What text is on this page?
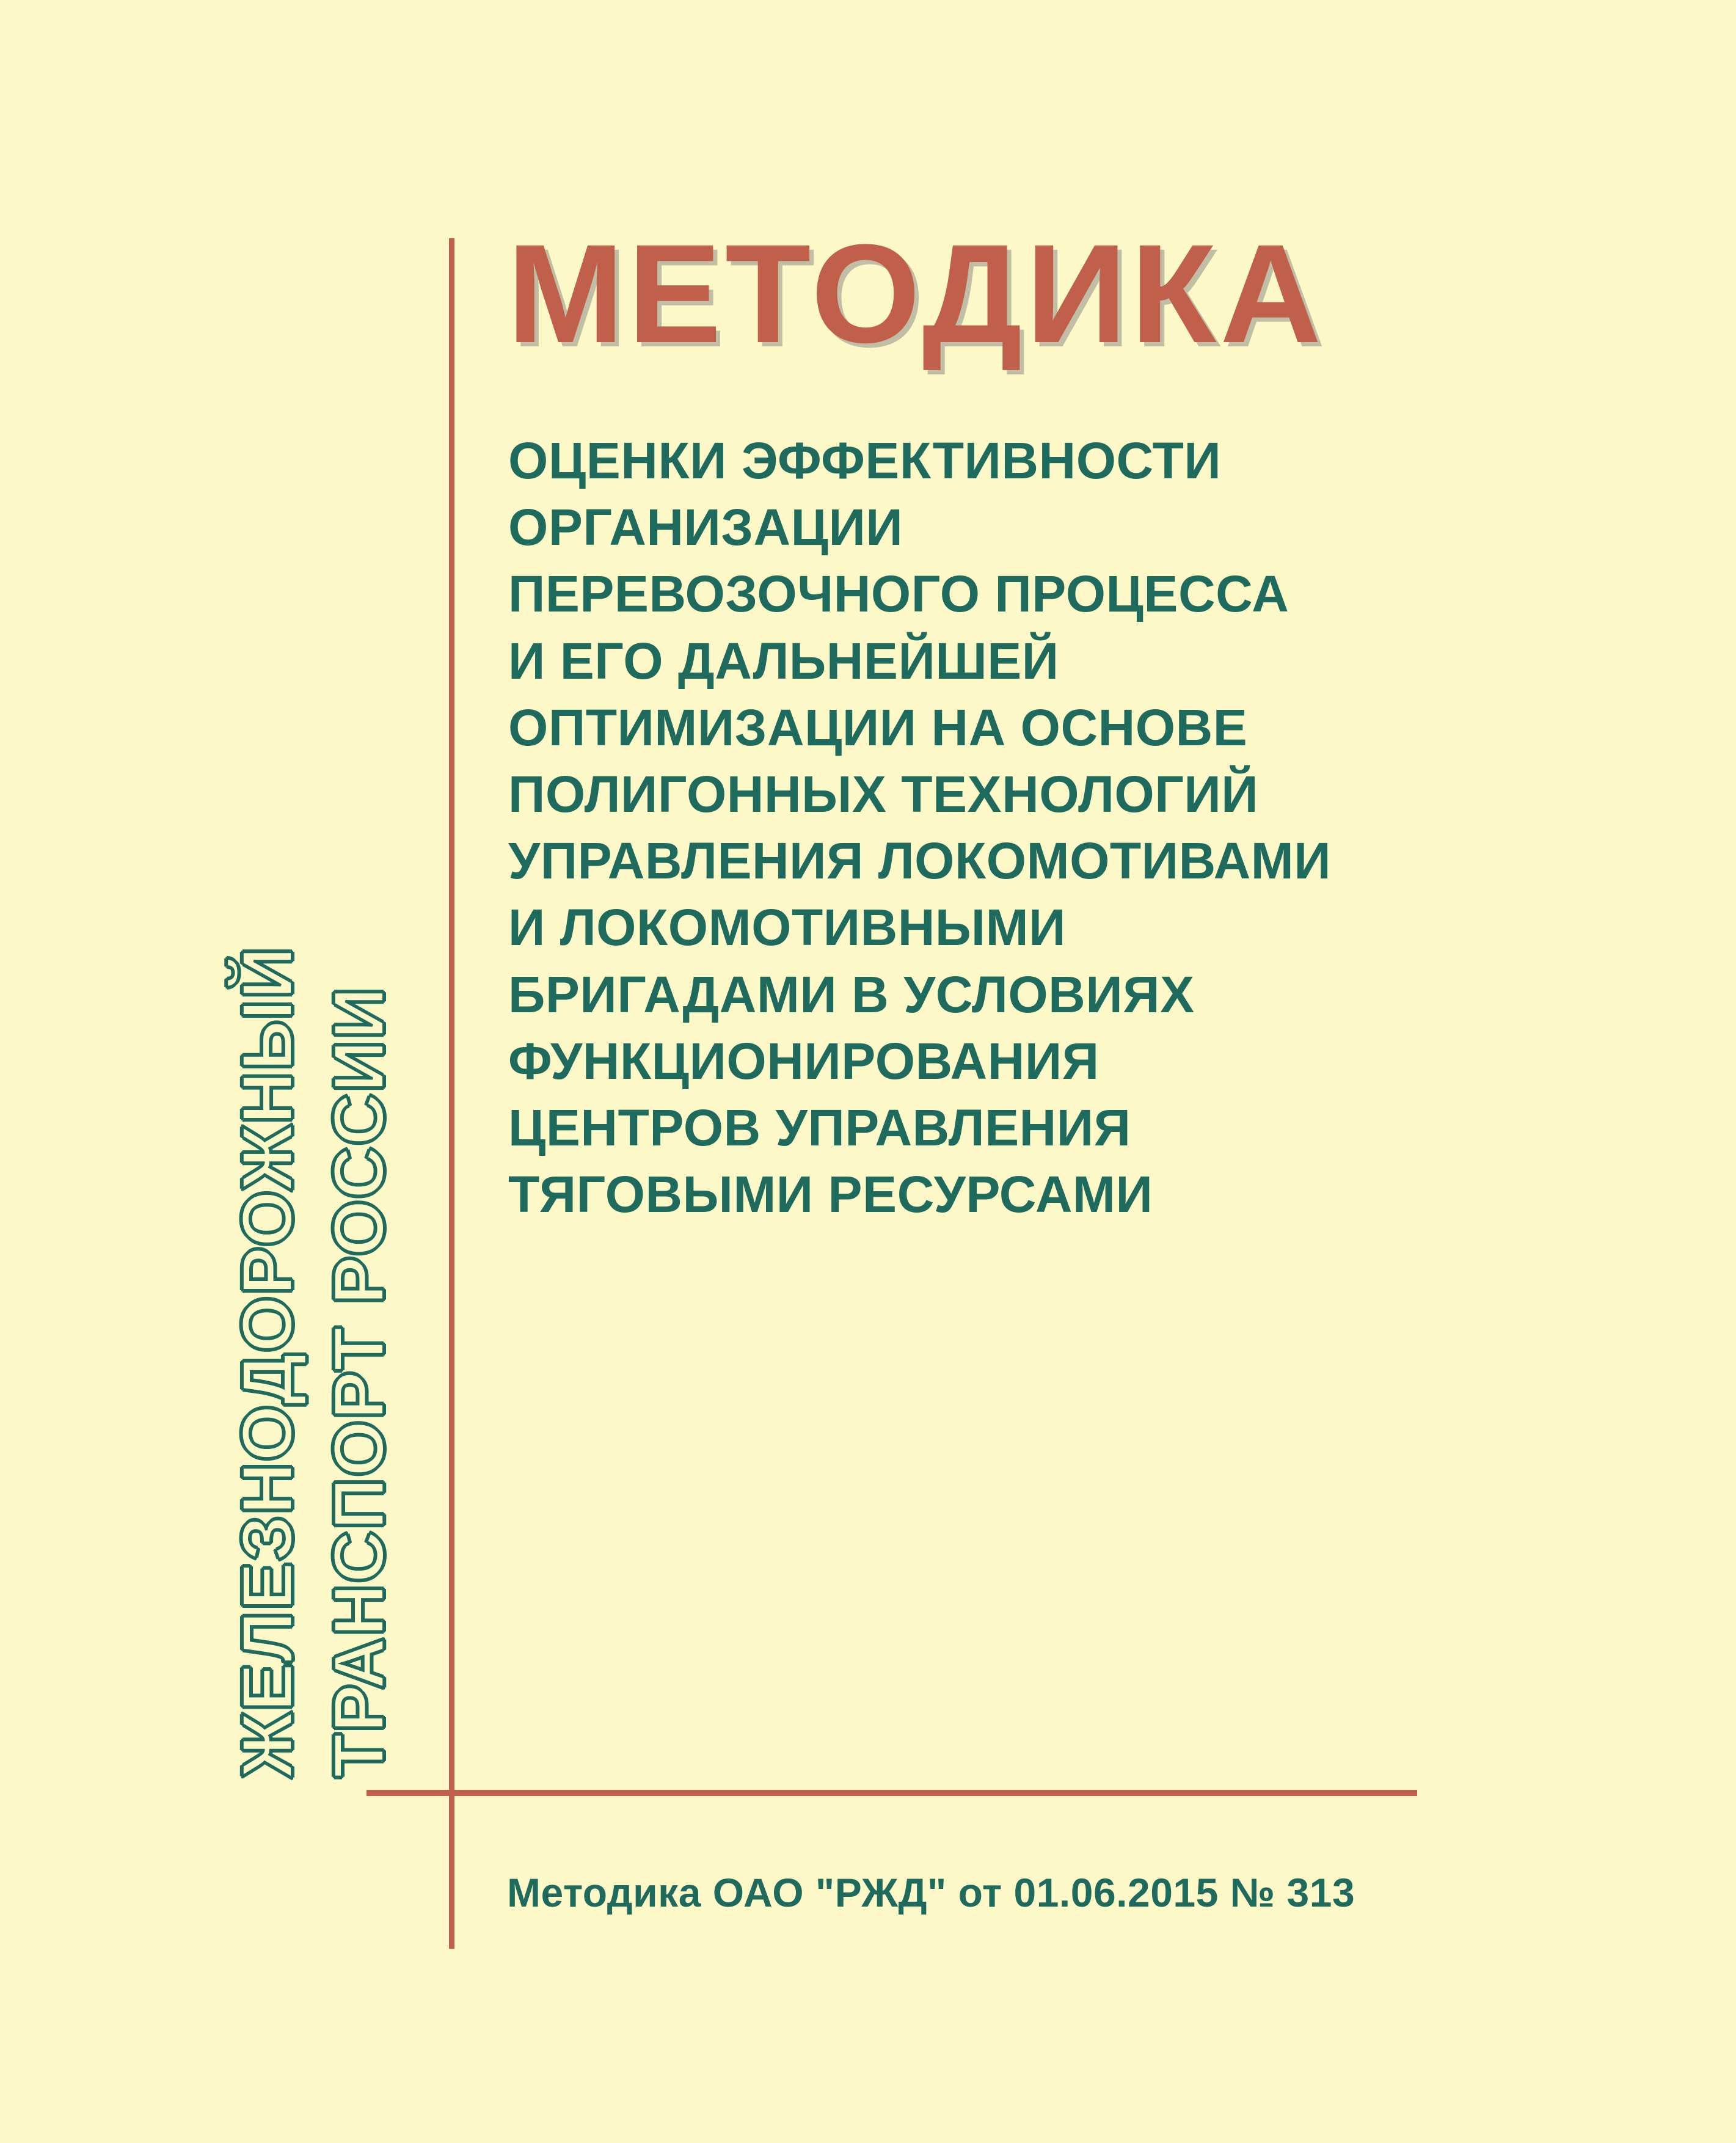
ЖЕЛЕЗНОДОРОЖНЫЙ ТРАНСПОРТ РОССИИ
МЕТОДИКА
ОЦЕНКИ ЭФФЕКТИВНОСТИ
ОРГАНИЗАЦИИ
ПЕРЕВОЗОЧНОГО ПРОЦЕССА
И ЕГО ДАЛЬНЕЙШЕЙ
ОПТИМИЗАЦИИ НА ОСНОВЕ
ПОЛИГОННЫХ ТЕХНОЛОГИЙ
УПРАВЛЕНИЯ ЛОКОМОТИВАМИ
И ЛОКОМОТИВНЫМИ
БРИГАДАМИ В УСЛОВИЯХ
ФУНКЦИОНИРОВАНИЯ
ЦЕНТРОВ УПРАВЛЕНИЯ
ТЯГОВЫМИ РЕСУРСАМИ
Методика ОАО "РЖД" от 01.06.2015 № 313
